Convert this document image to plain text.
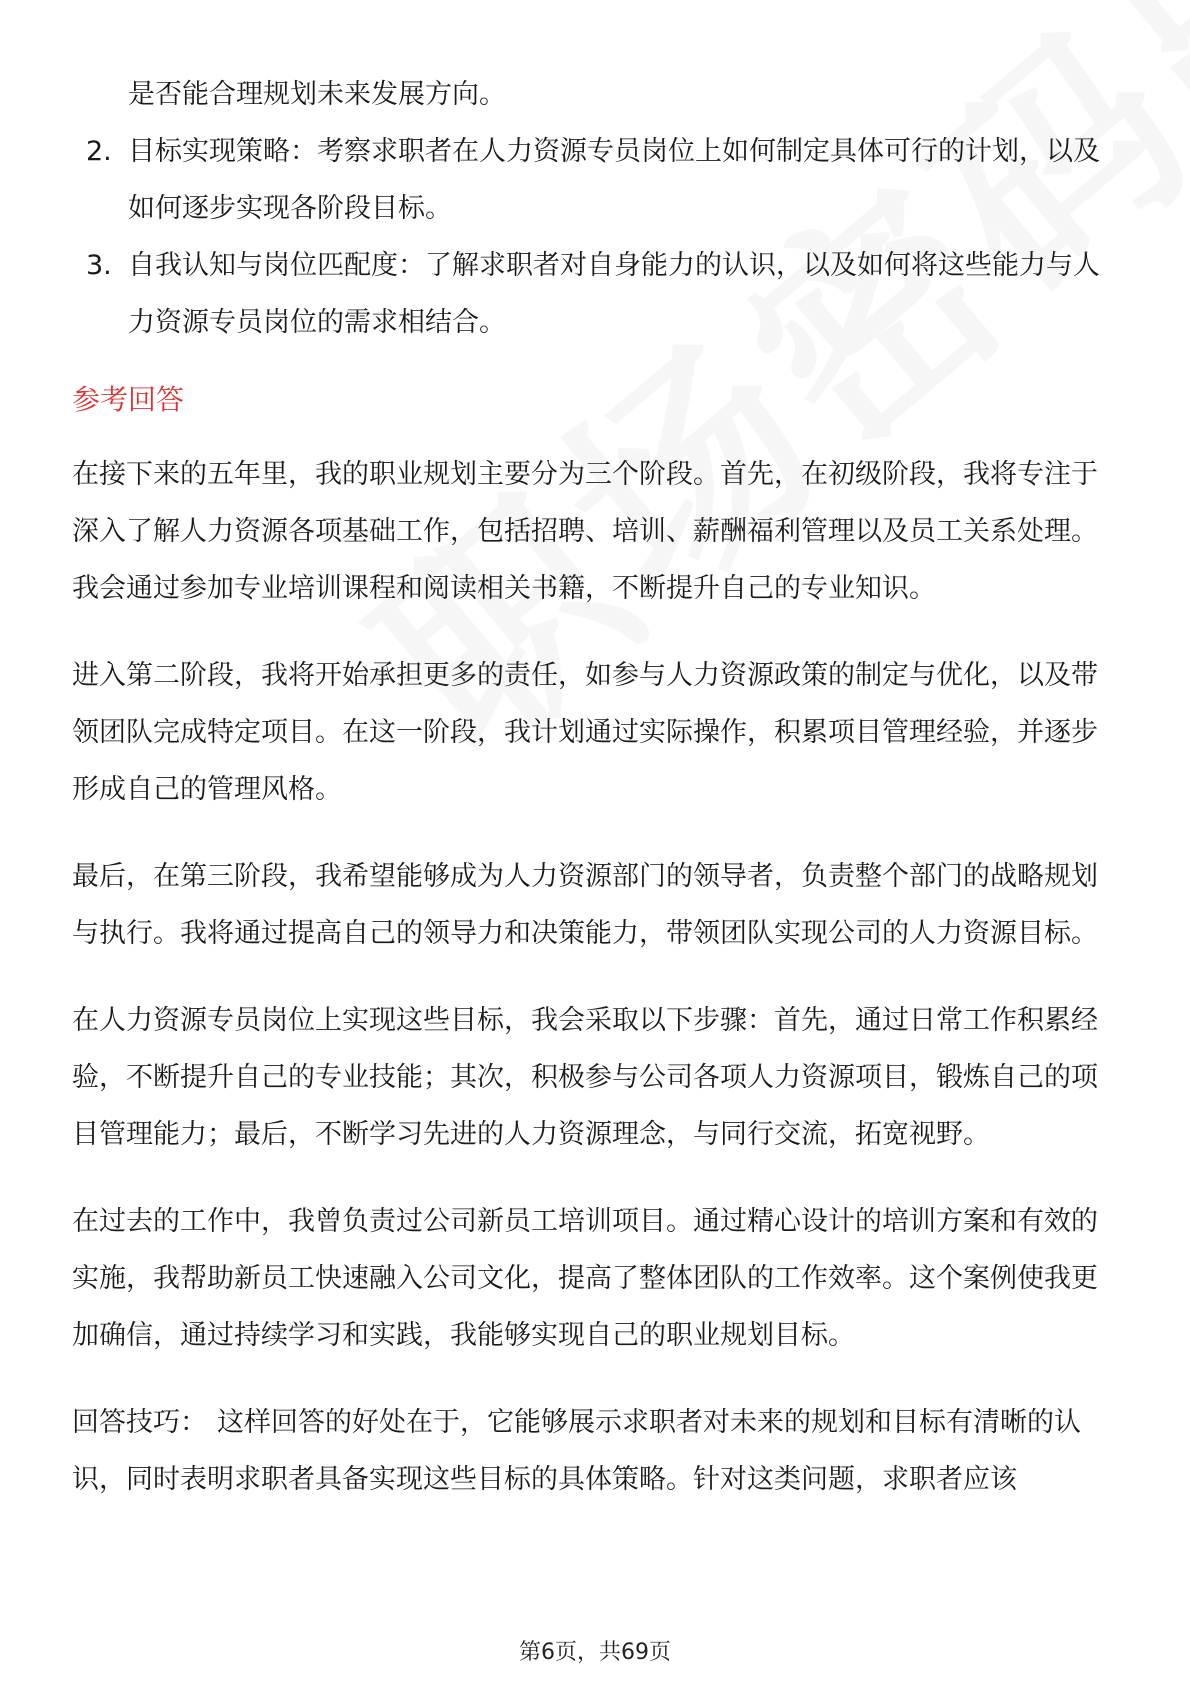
是否能合理规划未来发展方向。

2. 目标实现策略：考察求职者在人力资源专员岗位上如何制定具体可行的计划，以及如何逐步实现各阶段目标。
3. 自我认知与岗位匹配度：了解求职者对自身能力的认识，以及如何将这些能力与人力资源专员岗位的需求相结合。
参考回答

在接下来的五年里，我的职业规划主要分为三个阶段。首先，在初级阶段，我将专注于深入了解人力资源各项基础工作，包括招聘、培训、薪酬福利管理以及员工关系处理。我会通过参加专业培训课程和阅读相关书籍，不断提升自己的专业知识。

进入第二阶段，我将开始承担更多的责任，如参与人力资源政策的制定与优化，以及带领团队完成特定项目。在这一阶段，我计划通过实际操作，积累项目管理经验，并逐步形成自己的管理风格。

最后，在第三阶段，我希望能够成为人力资源部门的领导者，负责整个部门的战略规划与执行。我将通过提高自己的领导力和决策能力，带领团队实现公司的人力资源目标。

在人力资源专员岗位上实现这些目标，我会采取以下步骤：首先，通过日常工作积累经验，不断提升自己的专业技能；其次，积极参与公司各项人力资源项目，锻炼自己的项目管理能力；最后，不断学习先进的人力资源理念，与同行交流，拓宽视野。

在过去的工作中，我曾负责过公司新员工培训项目。通过精心设计的培训方案和有效的实施，我帮助新员工快速融入公司文化，提高了整体团队的工作效率。这个案例使我更加确信，通过持续学习和实践，我能够实现自己的职业规划目标。

回答技巧： 这样回答的好处在于，它能够展示求职者对未来的规划和目标有清晰的认识，同时表明求职者具备实现这些目标的具体策略。针对这类问题，求职者应该

第6页，共69页
